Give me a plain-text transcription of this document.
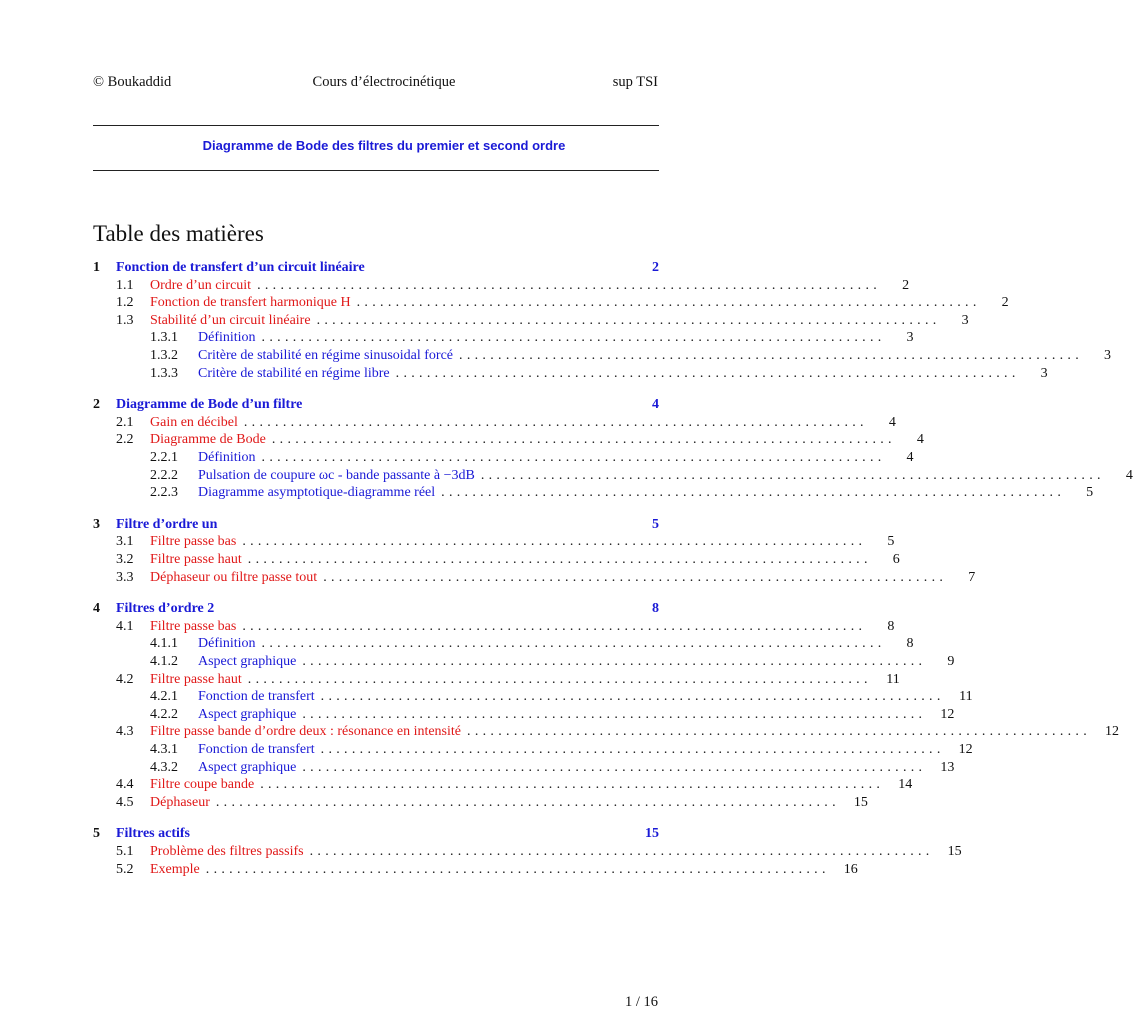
© Boukaddid	Cours d’électrocinétique	sup TSI
Diagramme de Bode des filtres du premier et second ordre
Table des matières
1	Fonction de transfert d’un circuit linéaire	2
1.1	Ordre d’un circuit ................................................................................	2
1.2	Fonction de transfert harmonique H ................................................................................	2
1.3	Stabilité d’un circuit linéaire ................................................................................	3
1.3.1	Définition ................................................................................	3
1.3.2	Critère de stabilité en régime sinusoidal forcé ................................................................................	3
1.3.3	Critère de stabilité en régime libre ................................................................................	3
2	Diagramme de Bode d’un filtre	4
2.1	Gain en décibel ................................................................................	4
2.2	Diagramme de Bode ................................................................................	4
2.2.1	Définition ................................................................................	4
2.2.2	Pulsation de coupure ωc - bande passante à −3dB ................................................................................	4
2.2.3	Diagramme asymptotique-diagramme réel ................................................................................	5
3	Filtre d’ordre un	5
3.1	Filtre passe bas ................................................................................	5
3.2	Filtre passe haut ................................................................................	6
3.3	Déphaseur ou filtre passe tout ................................................................................	7
4	Filtres d’ordre 2	8
4.1	Filtre passe bas ................................................................................	8
4.1.1	Définition ................................................................................	8
4.1.2	Aspect graphique ................................................................................	9
4.2	Filtre passe haut ................................................................................	11
4.2.1	Fonction de transfert ................................................................................	11
4.2.2	Aspect graphique ................................................................................ 12
4.3	Filtre passe bande d’ordre deux : résonance en intensité ................................................................................ 12
4.3.1	Fonction de transfert ................................................................................ 12
4.3.2	Aspect graphique ................................................................................ 13
4.4	Filtre coupe bande ................................................................................ 14
4.5	Déphaseur ................................................................................ 15
5	Filtres actifs	15
5.1	Problème des filtres passifs ................................................................................ 15
5.2	Exemple ................................................................................ 16
1 / 16
